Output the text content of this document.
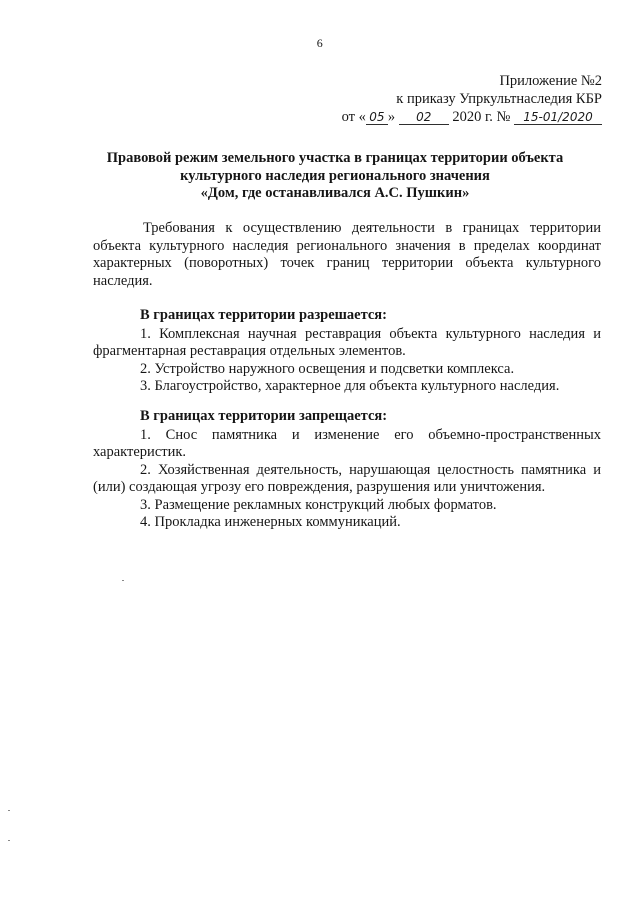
6
Приложение №2
к приказу Упркультнаследия КБР
от « 05 » 02 2020 г. № 15-01/2020
Правовой режим земельного участка в границах территории объекта
культурного наследия регионального значения
«Дом, где останавливался А.С. Пушкин»
Требования к осуществлению деятельности в границах территории объекта культурного наследия регионального значения в пределах координат характерных (поворотных) точек границ территории объекта культурного наследия.
В границах территории разрешается:
1. Комплексная научная реставрация объекта культурного наследия и фрагментарная реставрация отдельных элементов.
2. Устройство наружного освещения и подсветки комплекса.
3. Благоустройство, характерное для объекта культурного наследия.
В границах территории запрещается:
1. Снос памятника и изменение его объемно-пространственных характеристик.
2. Хозяйственная деятельность, нарушающая целостность памятника и (или) создающая угрозу его повреждения, разрушения или уничтожения.
3. Размещение рекламных конструкций любых форматов.
4. Прокладка инженерных коммуникаций.
